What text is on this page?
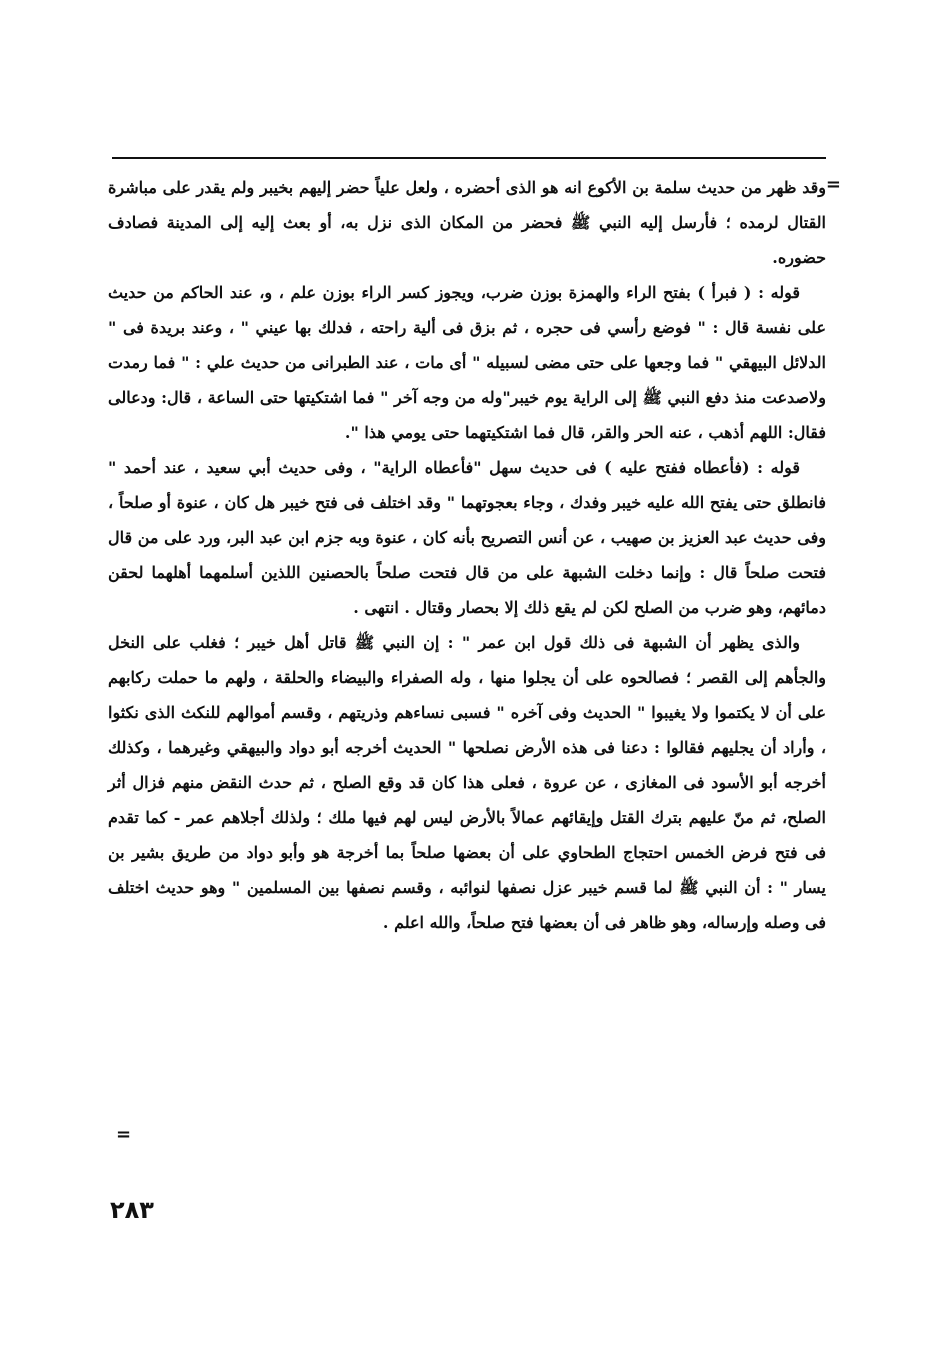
=

وقد ظهر من حديث سلمة بن الأكوع انه هو الذى أحضره ، ولعل علياً حضر إليهم بخيبر ولم يقدر على مباشرة القتال لرمده ؛ فأرسل إليه النبي ﷺ فحضر من المكان الذى نزل به، أو بعث إليه إلى المدينة فصادف حضوره.

قوله : ( فبرأ ) بفتح الراء والهمزة بوزن ضرب، ويجوز كسر الراء بوزن علم ، و، عند الحاكم من حديث على نفسة قال : " فوضع رأسي فى حجره ، ثم بزق فى ألية راحته ، فدلك بها عيني " ، وعند بريدة فى " الدلائل البيهقي " فما وجعها على حتى مضى لسبيله " أى مات ، عند الطبرانى من حديث علي : " فما رمدت ولاصدعت منذ دفع النبي ﷺ إلى الراية يوم خيبر"وله من وجه آخر " فما اشتكيتها حتى الساعة ، قال: ودعالى فقال: اللهم أذهب ، عنه الحر والقر، قال فما اشتكيتهما حتى يومي هذا ".

قوله : (فأعطاه ففتح عليه ) فى حديث سهل "فأعطاه الراية" ، وفى حديث أبي سعيد ، عند أحمد " فانطلق حتى يفتح الله عليه خيبر وفدك ، وجاء بعجوتهما " وقد اختلف فى فتح خيبر هل كان ، عنوة أو صلحاً ، وفى حديث عبد العزيز بن صهيب ، عن أنس التصريح بأنه كان ، عنوة وبه جزم ابن عبد البر، ورد على من قال فتحت صلحاً قال : وإنما دخلت الشبهة على من قال فتحت صلحاً بالحصنين اللذين أسلمهما أهلهما لحقن دمائهم، وهو ضرب من الصلح لكن لم يقع ذلك إلا بحصار وقتال . انتهى .

والذى يظهر أن الشبهة فى ذلك قول ابن عمر " : إن النبي ﷺ قاتل أهل خيبر ؛ فغلب على النخل والجأهم إلى القصر ؛ فصالحوه على أن يجلوا منها ، وله الصفراء والبيضاء والحلقة ، ولهم ما حملت ركابهم على أن لا يكتموا ولا يغيبوا " الحديث وفى آخره " فسبى نساءهم وذريتهم ، وقسم أموالهم للنكث الذى نكثوا ، وأراد أن يجليهم فقالوا : دعنا فى هذه الأرض نصلحها " الحديث أخرجه أبو دواد والبيهقي وغيرهما ، وكذلك أخرجه أبو الأسود فى المغازى ، عن عروة ، فعلى هذا كان قد وقع الصلح ، ثم حدث النقض منهم فزال أثر الصلح، ثم منّ عليهم بترك القتل وإيقائهم عمالاً بالأرض ليس لهم فيها ملك ؛ ولذلك أجلاهم عمر - كما تقدم فى فتح فرض الخمس احتجاج الطحاوي على أن بعضها صلحاً بما أخرجة هو وأبو دواد من طريق بشير بن يسار " : أن النبي ﷺ لما قسم خيبر عزل نصفها لنوائبه ، وقسم نصفها بين المسلمين " وهو حديث اختلف فى وصله وإرساله، وهو ظاهر فى أن بعضها فتح صلحاً، والله اعلم .

=
٢٨٣
